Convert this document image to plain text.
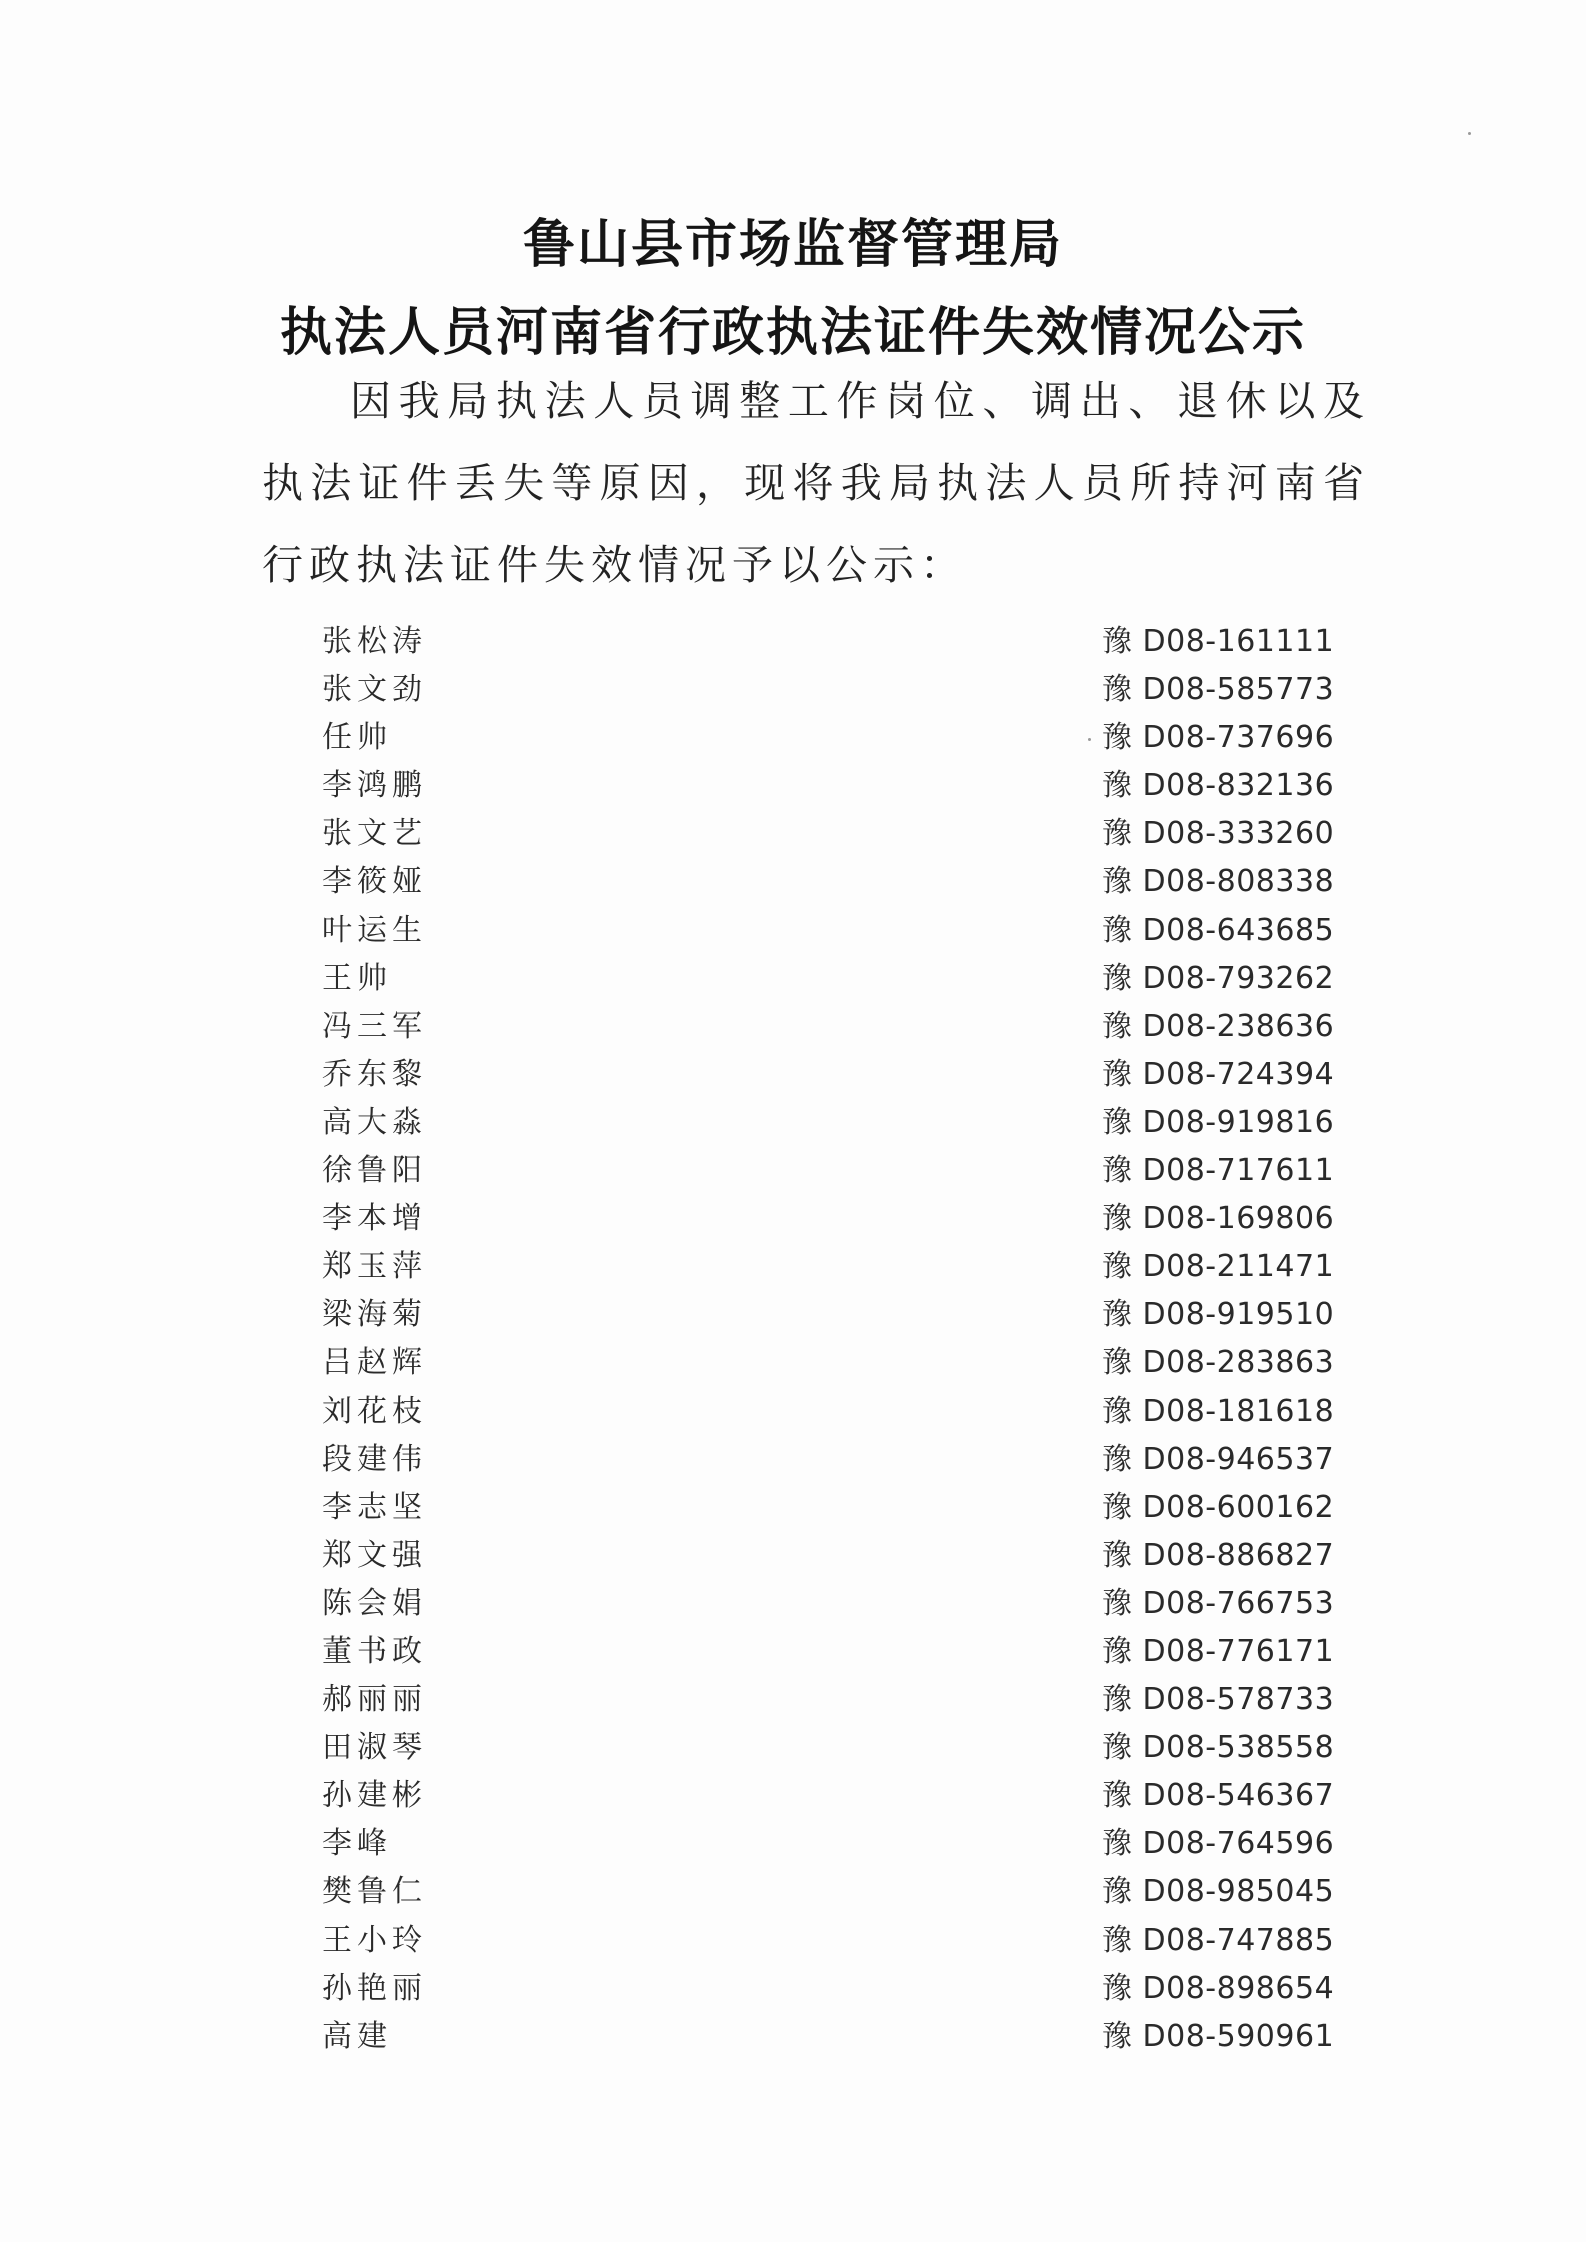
鲁山县市场监督管理局
执法人员河南省行政执法证件失效情况公示
因我局执法人员调整工作岗位、调出、退休以及执法证件丢失等原因，现将我局执法人员所持河南省行政执法证件失效情况予以公示：
张松涛	豫 D08-161111
张文劲	豫 D08-585773
任帅	豫 D08-737696
李鸿鹏	豫 D08-832136
张文艺	豫 D08-333260
李筱娅	豫 D08-808338
叶运生	豫 D08-643685
王帅	豫 D08-793262
冯三军	豫 D08-238636
乔东黎	豫 D08-724394
高大淼	豫 D08-919816
徐鲁阳	豫 D08-717611
李本增	豫 D08-169806
郑玉萍	豫 D08-211471
梁海菊	豫 D08-919510
吕赵辉	豫 D08-283863
刘花枝	豫 D08-181618
段建伟	豫 D08-946537
李志坚	豫 D08-600162
郑文强	豫 D08-886827
陈会娟	豫 D08-766753
董书政	豫 D08-776171
郝丽丽	豫 D08-578733
田淑琴	豫 D08-538558
孙建彬	豫 D08-546367
李峰	豫 D08-764596
樊鲁仁	豫 D08-985045
王小玲	豫 D08-747885
孙艳丽	豫 D08-898654
高建	豫 D08-590961
